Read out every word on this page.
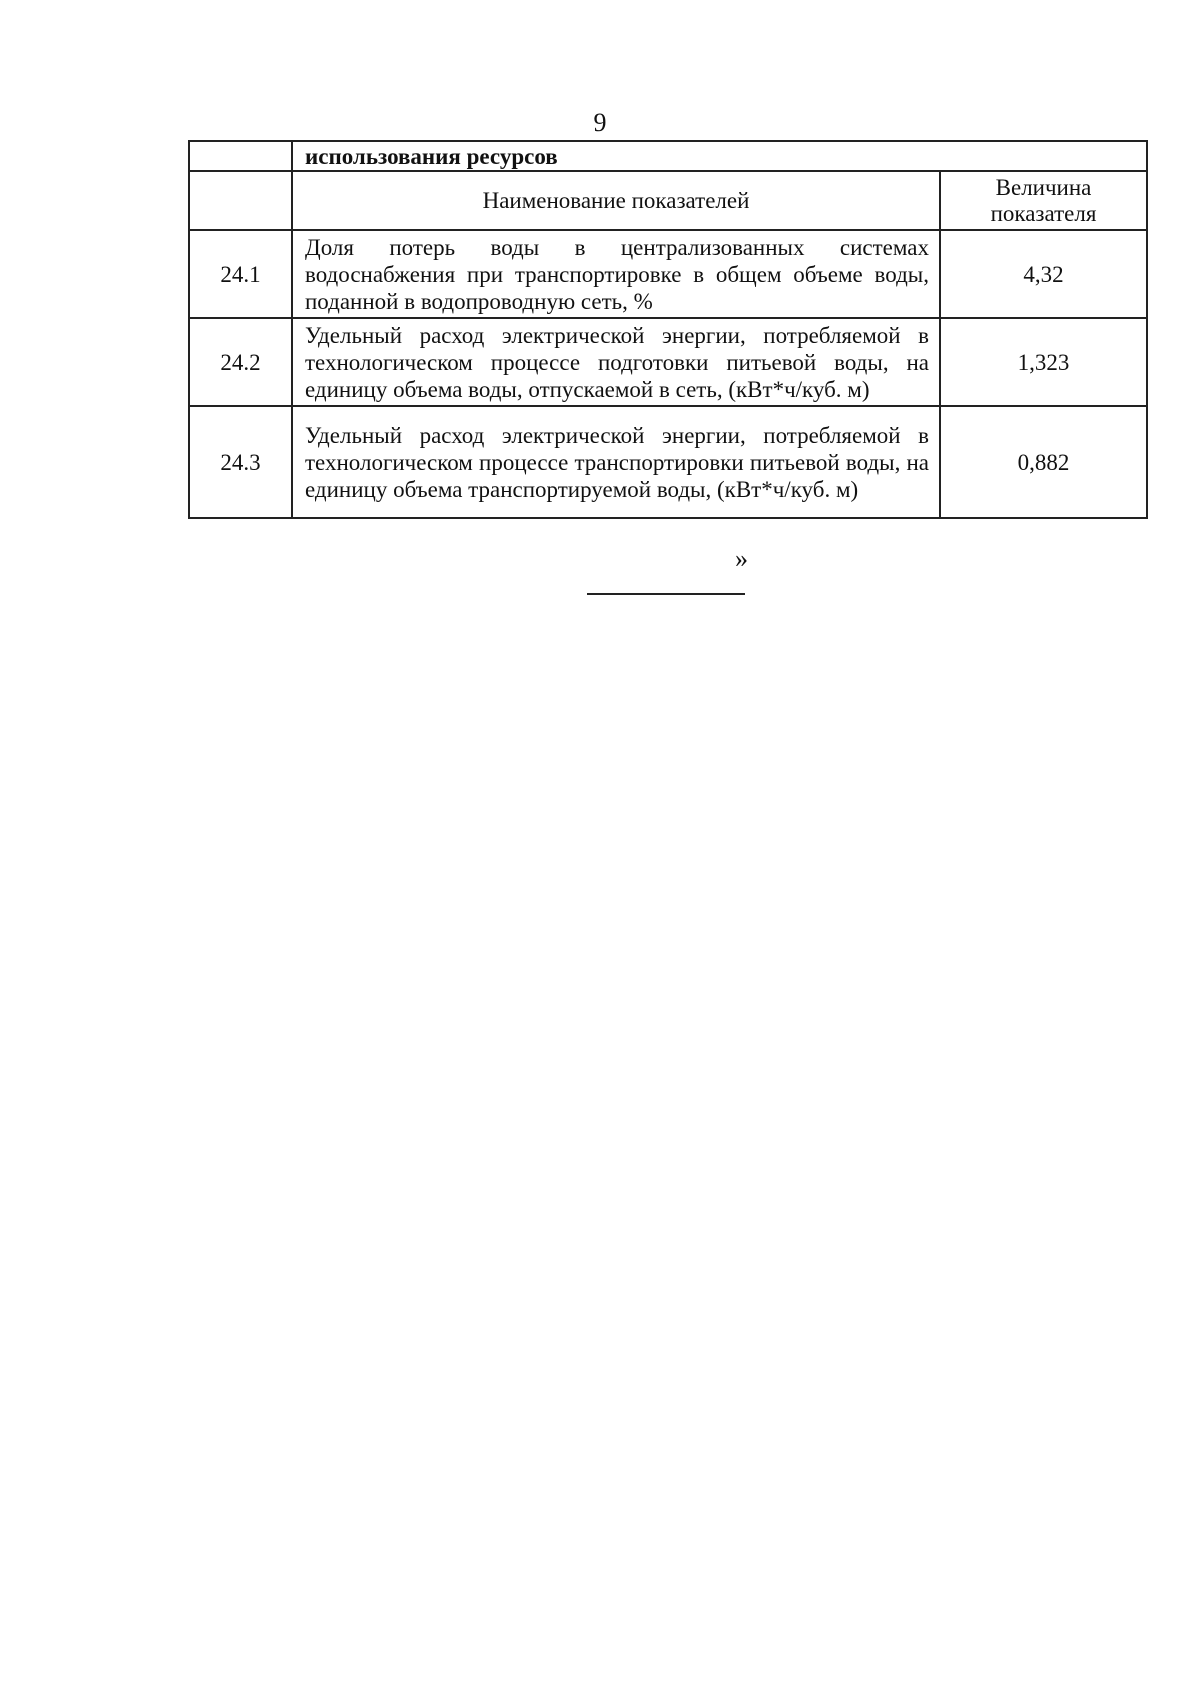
9
	использования ресурсов	
	Наименование показателей	Величина показателя
24.1	Доля потерь воды в централизованных системах водоснабжения при транспортировке в общем объеме воды, поданной в водопроводную сеть, %	4,32
24.2	Удельный расход электрической энергии, потребляемой в технологическом процессе подготовки питьевой воды, на единицу объема воды, отпускаемой в сеть, (кВт*ч/куб. м)	1,323
24.3	Удельный расход электрической энергии, потребляемой в технологическом процессе транспортировки питьевой воды, на единицу объема транспортируемой воды, (кВт*ч/куб. м)	0,882
»
